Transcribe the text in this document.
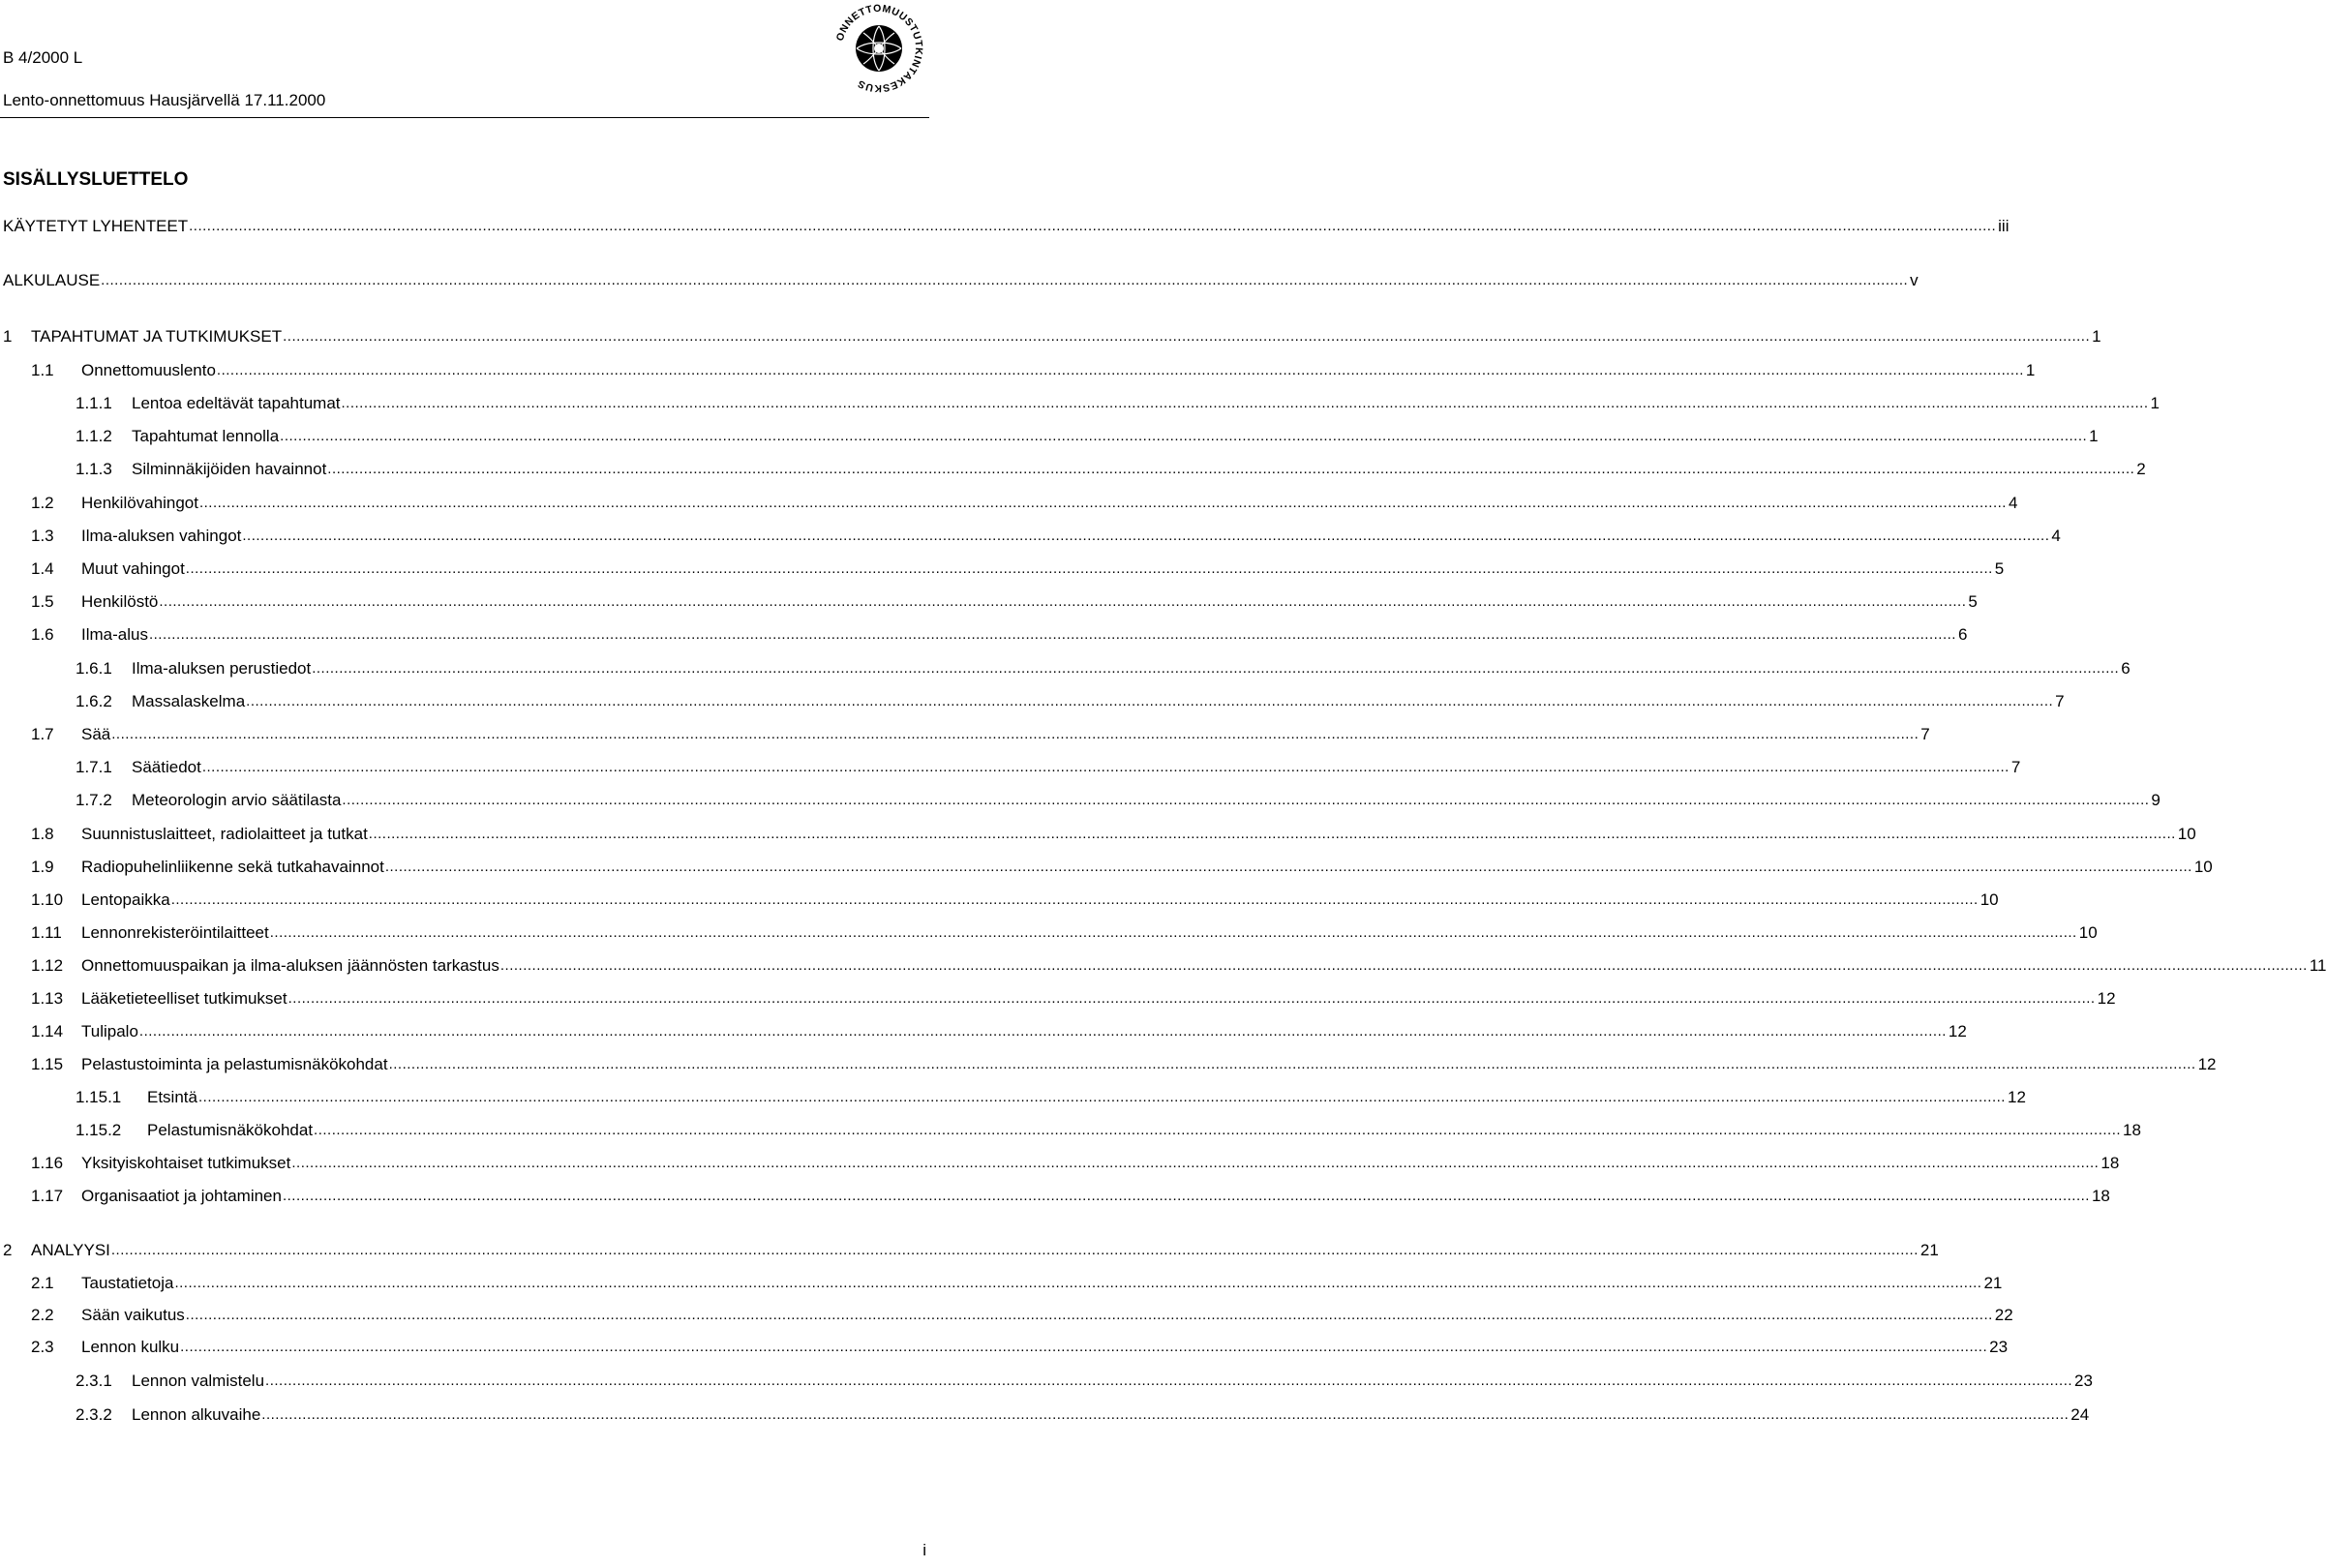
B 4/2000 L
Lento-onnettomuus Hausjärvellä 17.11.2000
ONNETTOMUUSTUTKINTAKESKUS
SISÄLLYSLUETTELO
KÄYTETYT LYHENTEET ................................................................................................................................................................................................................................................................................................................................................................................................................ iii
ALKULAUSE ................................................................................................................................................................................................................................................................................................................................................................................................................ v
1 TAPAHTUMAT JA TUTKIMUKSET ................................................................................................................................................................................................................................................................................................................................................................................................................ 1
1.1 Onnettomuuslento ................................................................................................................................................................................................................................................................................................................................................................................................................ 1
1.1.1 Lentoa edeltävät tapahtumat ................................................................................................................................................................................................................................................................................................................................................................................................................ 1
1.1.2 Tapahtumat lennolla ................................................................................................................................................................................................................................................................................................................................................................................................................ 1
1.1.3 Silminnäkijöiden havainnot ................................................................................................................................................................................................................................................................................................................................................................................................................ 2
1.2 Henkilövahingot ................................................................................................................................................................................................................................................................................................................................................................................................................ 4
1.3 Ilma-aluksen vahingot ................................................................................................................................................................................................................................................................................................................................................................................................................ 4
1.4 Muut vahingot ................................................................................................................................................................................................................................................................................................................................................................................................................ 5
1.5 Henkilöstö ................................................................................................................................................................................................................................................................................................................................................................................................................ 5
1.6 Ilma-alus ................................................................................................................................................................................................................................................................................................................................................................................................................ 6
1.6.1 Ilma-aluksen perustiedot ................................................................................................................................................................................................................................................................................................................................................................................................................ 6
1.6.2 Massalaskelma ................................................................................................................................................................................................................................................................................................................................................................................................................ 7
1.7 Sää ................................................................................................................................................................................................................................................................................................................................................................................................................ 7
1.7.1 Säätiedot ................................................................................................................................................................................................................................................................................................................................................................................................................ 7
1.7.2 Meteorologin arvio säätilasta ................................................................................................................................................................................................................................................................................................................................................................................................................ 9
1.8 Suunnistuslaitteet, radiolaitteet ja tutkat ................................................................................................................................................................................................................................................................................................................................................................................................................ 10
1.9 Radiopuhelinliikenne sekä tutkahavainnot ................................................................................................................................................................................................................................................................................................................................................................................................................ 10
1.10 Lentopaikka ................................................................................................................................................................................................................................................................................................................................................................................................................ 10
1.11 Lennonrekisteröintilaitteet ................................................................................................................................................................................................................................................................................................................................................................................................................ 10
1.12 Onnettomuuspaikan ja ilma-aluksen jäännösten tarkastus ................................................................................................................................................................................................................................................................................................................................................................................................................ 11
1.13 Lääketieteelliset tutkimukset ................................................................................................................................................................................................................................................................................................................................................................................................................ 12
1.14 Tulipalo ................................................................................................................................................................................................................................................................................................................................................................................................................ 12
1.15 Pelastustoiminta ja pelastumisnäkökohdat ................................................................................................................................................................................................................................................................................................................................................................................................................ 12
1.15.1 Etsintä ................................................................................................................................................................................................................................................................................................................................................................................................................ 12
1.15.2 Pelastumisnäkökohdat ................................................................................................................................................................................................................................................................................................................................................................................................................ 18
1.16 Yksityiskohtaiset tutkimukset ................................................................................................................................................................................................................................................................................................................................................................................................................ 18
1.17 Organisaatiot ja johtaminen ................................................................................................................................................................................................................................................................................................................................................................................................................ 18
2 ANALYYSI ................................................................................................................................................................................................................................................................................................................................................................................................................ 21
2.1 Taustatietoja ................................................................................................................................................................................................................................................................................................................................................................................................................ 21
2.2 Sään vaikutus ................................................................................................................................................................................................................................................................................................................................................................................................................ 22
2.3 Lennon kulku ................................................................................................................................................................................................................................................................................................................................................................................................................ 23
2.3.1 Lennon valmistelu ................................................................................................................................................................................................................................................................................................................................................................................................................ 23
2.3.2 Lennon alkuvaihe ................................................................................................................................................................................................................................................................................................................................................................................................................ 24
i
